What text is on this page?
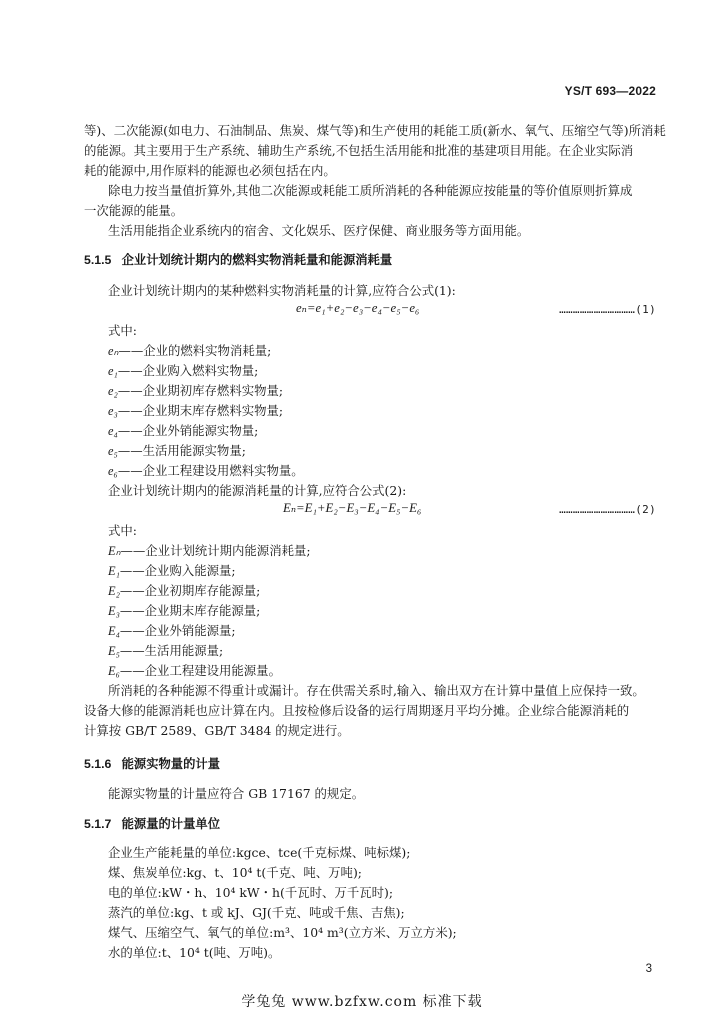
YS/T 693—2022
等)、二次能源(如电力、石油制品、焦炭、煤气等)和生产使用的耗能工质(新水、氧气、压缩空气等)所消耗
的能源。其主要用于生产系统、辅助生产系统,不包括生活用能和批准的基建项目用能。在企业实际消
耗的能源中,用作原料的能源也必须包括在内。
除电力按当量值折算外,其他二次能源或耗能工质所消耗的各种能源应按能量的等价值原则折算成
一次能源的能量。
生活用能指企业系统内的宿舍、文化娱乐、医疗保健、商业服务等方面用能。
5.1.5 企业计划统计期内的燃料实物消耗量和能源消耗量
企业计划统计期内的某种燃料实物消耗量的计算,应符合公式(1):
eₙ=e₁+e₂−e₃−e₄−e₅−e₆	……………………………(1)
式中:
eₙ——企业的燃料实物消耗量;
e₁——企业购入燃料实物量;
e₂——企业期初库存燃料实物量;
e₃——企业期末库存燃料实物量;
e₄——企业外销能源实物量;
e₅——生活用能源实物量;
e₆——企业工程建设用燃料实物量。
企业计划统计期内的能源消耗量的计算,应符合公式(2):
Eₙ=E₁+E₂−E₃−E₄−E₅−E₆	……………………………(2)
式中:
Eₙ——企业计划统计期内能源消耗量;
E₁——企业购入能源量;
E₂——企业初期库存能源量;
E₃——企业期末库存能源量;
E₄——企业外销能源量;
E₅——生活用能源量;
E₆——企业工程建设用能源量。
所消耗的各种能源不得重计或漏计。存在供需关系时,输入、输出双方在计算中量值上应保持一致。
设备大修的能源消耗也应计算在内。且按检修后设备的运行周期逐月平均分摊。企业综合能源消耗的
计算按 GB/T 2589、GB/T 3484 的规定进行。
5.1.6 能源实物量的计量
能源实物量的计量应符合 GB 17167 的规定。
5.1.7 能源量的计量单位
企业生产能耗量的单位:kgce、tce(千克标煤、吨标煤);
煤、焦炭单位:kg、t、10⁴ t(千克、吨、万吨);
电的单位:kW・h、10⁴ kW・h(千瓦时、万千瓦时);
蒸汽的单位:kg、t 或 kJ、GJ(千克、吨或千焦、吉焦);
煤气、压缩空气、氧气的单位:m³、10⁴ m³(立方米、万立方米);
水的单位:t、10⁴ t(吨、万吨)。
3
学兔兔 www.bzfxw.com 标准下载
